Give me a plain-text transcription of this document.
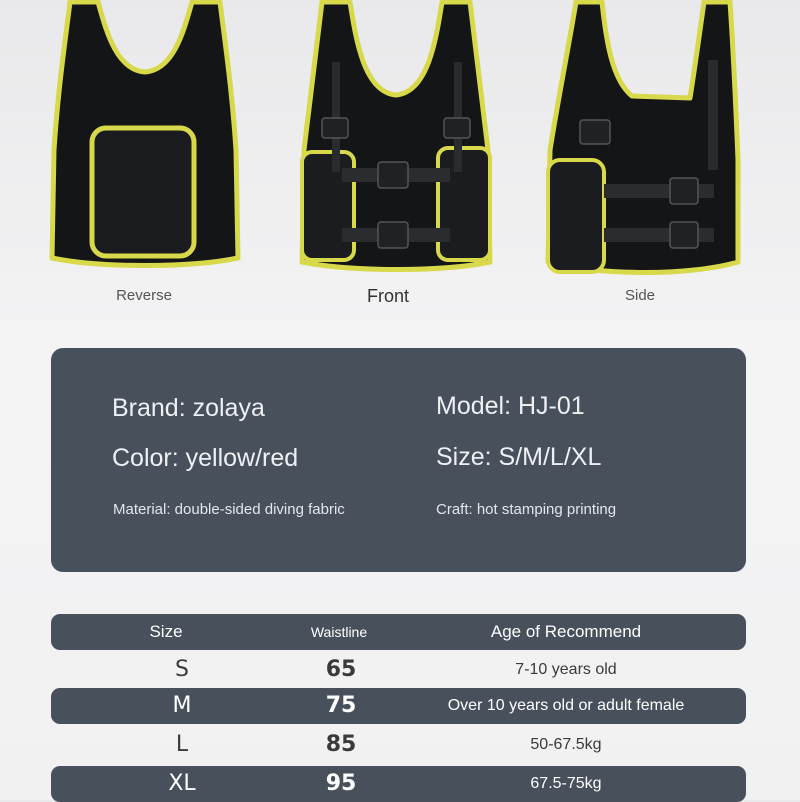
Reverse	Front	Side
Brand: zolaya	Model: HJ-01
Color: yellow/red	Size: S/M/L/XL
Material: double-sided diving fabric	Craft: hot stamping printing
Size	Waistline	Age of Recommend
S	65	7-10 years old
M	75	Over 10 years old or adult female
L	85	50-67.5kg
XL	95	67.5-75kg
